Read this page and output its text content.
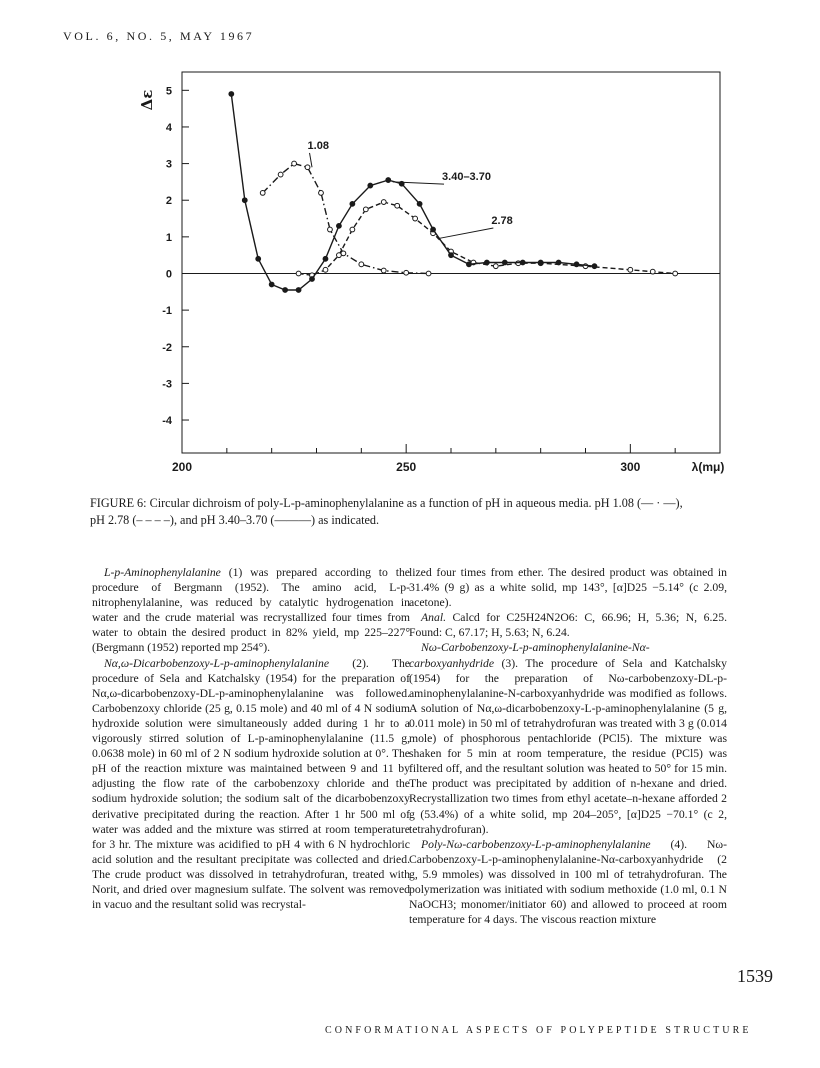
VOL. 6, NO. 5, MAY 1967
5
4
3
2
1
0
-1
-2
-3
-4
200	250	300	λ(mμ)
Δε
1.08
2.78
3.40–3.70
FIGURE 6: Circular dichroism of poly-L-p-aminophenylalanine as a function of pH in aqueous media. pH 1.08 (— · —),
pH 2.78 (– – – –), and pH 3.40–3.70 (———) as indicated.

L-p-Aminophenylalanine (1) was prepared according to the procedure of Bergmann (1952). The amino acid, L-p-nitrophenylalanine, was reduced by catalytic hydrogenation in water and the crude material was recrystallized four times from water to obtain the desired product in 82% yield, mp 225–227° (Bergmann (1952) reported mp 254°).

Nα,ω-Dicarbobenzoxy-L-p-aminophenylalanine (2). The procedure of Sela and Katchalsky (1954) for the preparation of Nα,ω-dicarbobenzoxy-DL-p-aminophenylalanine was followed. Carbobenzoxy chloride (25 g, 0.15 mole) and 40 ml of 4 N sodium hydroxide solution were simultaneously added during 1 hr to a vigorously stirred solution of L-p-aminophenylalanine (11.5 g, 0.0638 mole) in 60 ml of 2 N sodium hydroxide solution at 0°. The pH of the reaction mixture was maintained between 9 and 11 by adjusting the flow rate of the carbobenzoxy chloride and the sodium hydroxide solution; the sodium salt of the dicarbobenzoxy derivative precipitated during the reaction. After 1 hr 500 ml of water was added and the mixture was stirred at room temperature for 3 hr. The mixture was acidified to pH 4 with 6 N hydrochloric acid solution and the resultant precipitate was collected and dried. The crude product was dissolved in tetrahydrofuran, treated with Norit, and dried over magnesium sulfate. The solvent was removed in vacuo and the resultant solid was recrystal-

lized four times from ether. The desired product was obtained in 31.4% (9 g) as a white solid, mp 143°, [α]D25 −5.14° (c 2.09, acetone).

Anal. Calcd for C25H24N2O6: C, 66.96; H, 5.36; N, 6.25. Found: C, 67.17; H, 5.63; N, 6.24.

Nω-Carbobenzoxy-L-p-aminophenylalanine-Nα-carboxyanhydride (3). The procedure of Sela and Katchalsky (1954) for the preparation of Nω-carbobenzoxy-DL-p-aminophenylalanine-N-carboxyanhydride was modified as follows. A solution of Nα,ω-dicarbobenzoxy-L-p-aminophenylalanine (5 g, 0.011 mole) in 50 ml of tetrahydrofuran was treated with 3 g (0.014 mole) of phosphorous pentachloride (PCl5). The mixture was shaken for 5 min at room temperature, the residue (PCl5) was filtered off, and the resultant solution was heated to 50° for 15 min. The product was precipitated by addition of n-hexane and dried. Recrystallization two times from ethyl acetate–n-hexane afforded 2 g (53.4%) of a white solid, mp 204–205°, [α]D25 −70.1° (c 2, tetrahydrofuran).

Poly-Nω-carbobenzoxy-L-p-aminophenylalanine (4). Nω-Carbobenzoxy-L-p-aminophenylalanine-Nα-carboxyanhydride (2 g, 5.9 mmoles) was dissolved in 100 ml of tetrahydrofuran. The polymerization was initiated with sodium methoxide (1.0 ml, 0.1 N NaOCH3; monomer/initiator 60) and allowed to proceed at room temperature for 4 days. The viscous reaction mixture

1539
CONFORMATIONAL ASPECTS OF POLYPEPTIDE STRUCTURE
